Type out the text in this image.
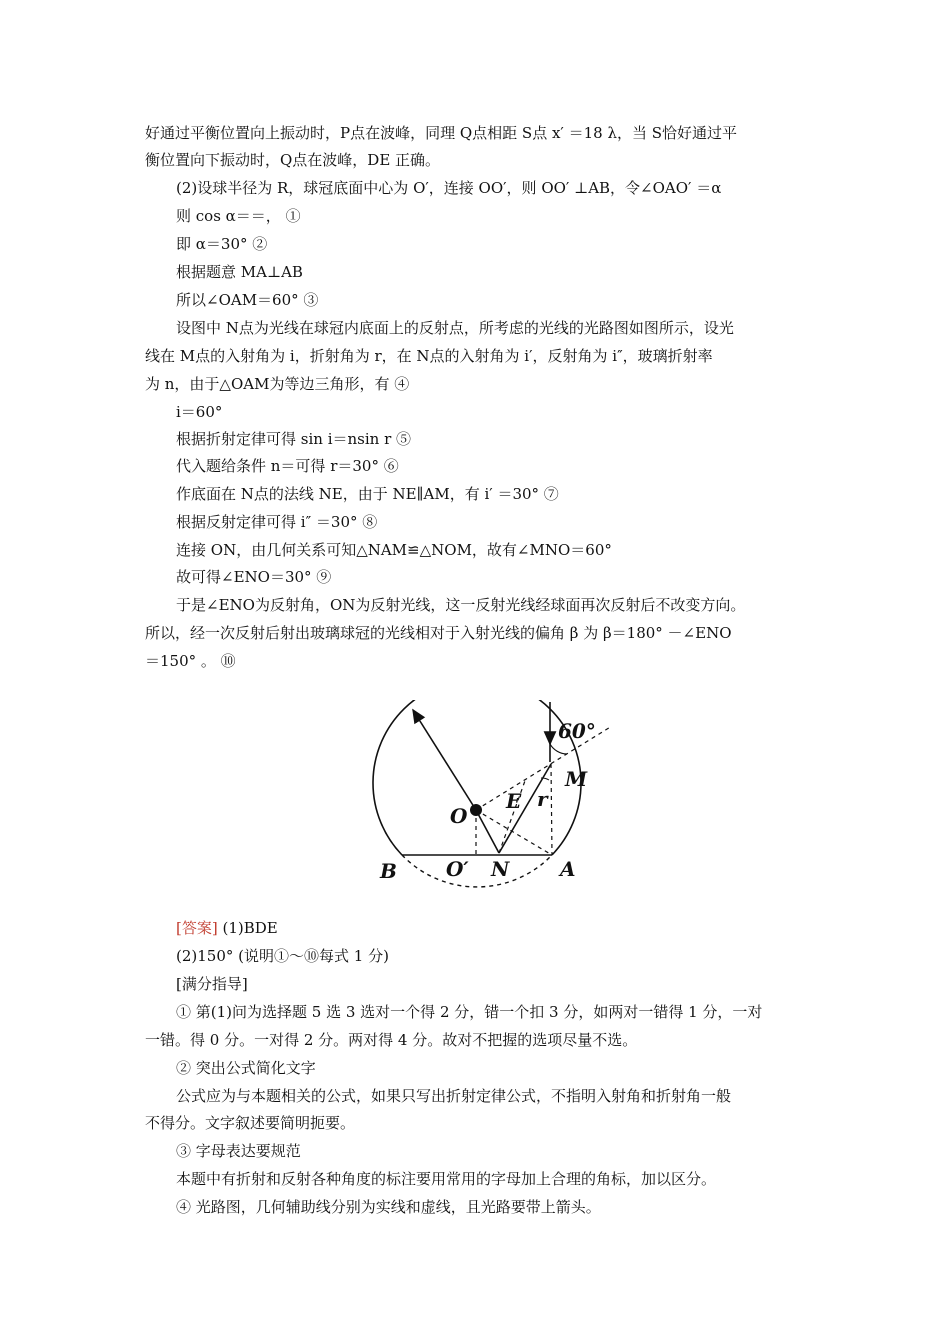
好通过平衡位置向上振动时，P点在波峰，同理 Q点相距 S点 x′ ＝18 λ，当 S恰好通过平
衡位置向下振动时，Q点在波峰，DE 正确。
(2)设球半径为 R，球冠底面中心为 O′，连接 OO′，则 OO′ ⊥AB，令∠OAO′ ＝α
则 cos α＝＝， ①
即 α＝30° ②
根据题意 MA⊥AB
所以∠OAM＝60° ③
设图中 N点为光线在球冠内底面上的反射点，所考虑的光线的光路图如图所示，设光
线在 M点的入射角为 i，折射角为 r，在 N点的入射角为 i′，反射角为 i″，玻璃折射率
为 n，由于△OAM为等边三角形，有 ④
i＝60°
根据折射定律可得 sin i＝nsin r ⑤
代入题给条件 n＝可得 r＝30° ⑥
作底面在 N点的法线 NE，由于 NE∥AM，有 i′ ＝30° ⑦
根据反射定律可得 i″ ＝30° ⑧
连接 ON，由几何关系可知△NAM≌△NOM，故有∠MNO＝60°
故可得∠ENO＝30° ⑨
于是∠ENO为反射角，ON为反射光线，这一反射光线经球面再次反射后不改变方向。
所以，经一次反射后射出玻璃球冠的光线相对于入射光线的偏角 β 为 β＝180° －∠ENO
＝150° 。 ⑩
60°
M
E r
O
B O′ N	A
[答案] (1)BDE
(2)150° (说明①～⑩每式 1 分)
[满分指导]
① 第(1)问为选择题 5 选 3 选对一个得 2 分，错一个扣 3 分，如两对一错得 1 分，一对
一错。得 0 分。一对得 2 分。两对得 4 分。故对不把握的选项尽量不选。
② 突出公式简化文字
公式应为与本题相关的公式，如果只写出折射定律公式，不指明入射角和折射角一般
不得分。文字叙述要简明扼要。
③ 字母表达要规范
本题中有折射和反射各种角度的标注要用常用的字母加上合理的角标，加以区分。
④ 光路图，几何辅助线分别为实线和虚线，且光路要带上箭头。
